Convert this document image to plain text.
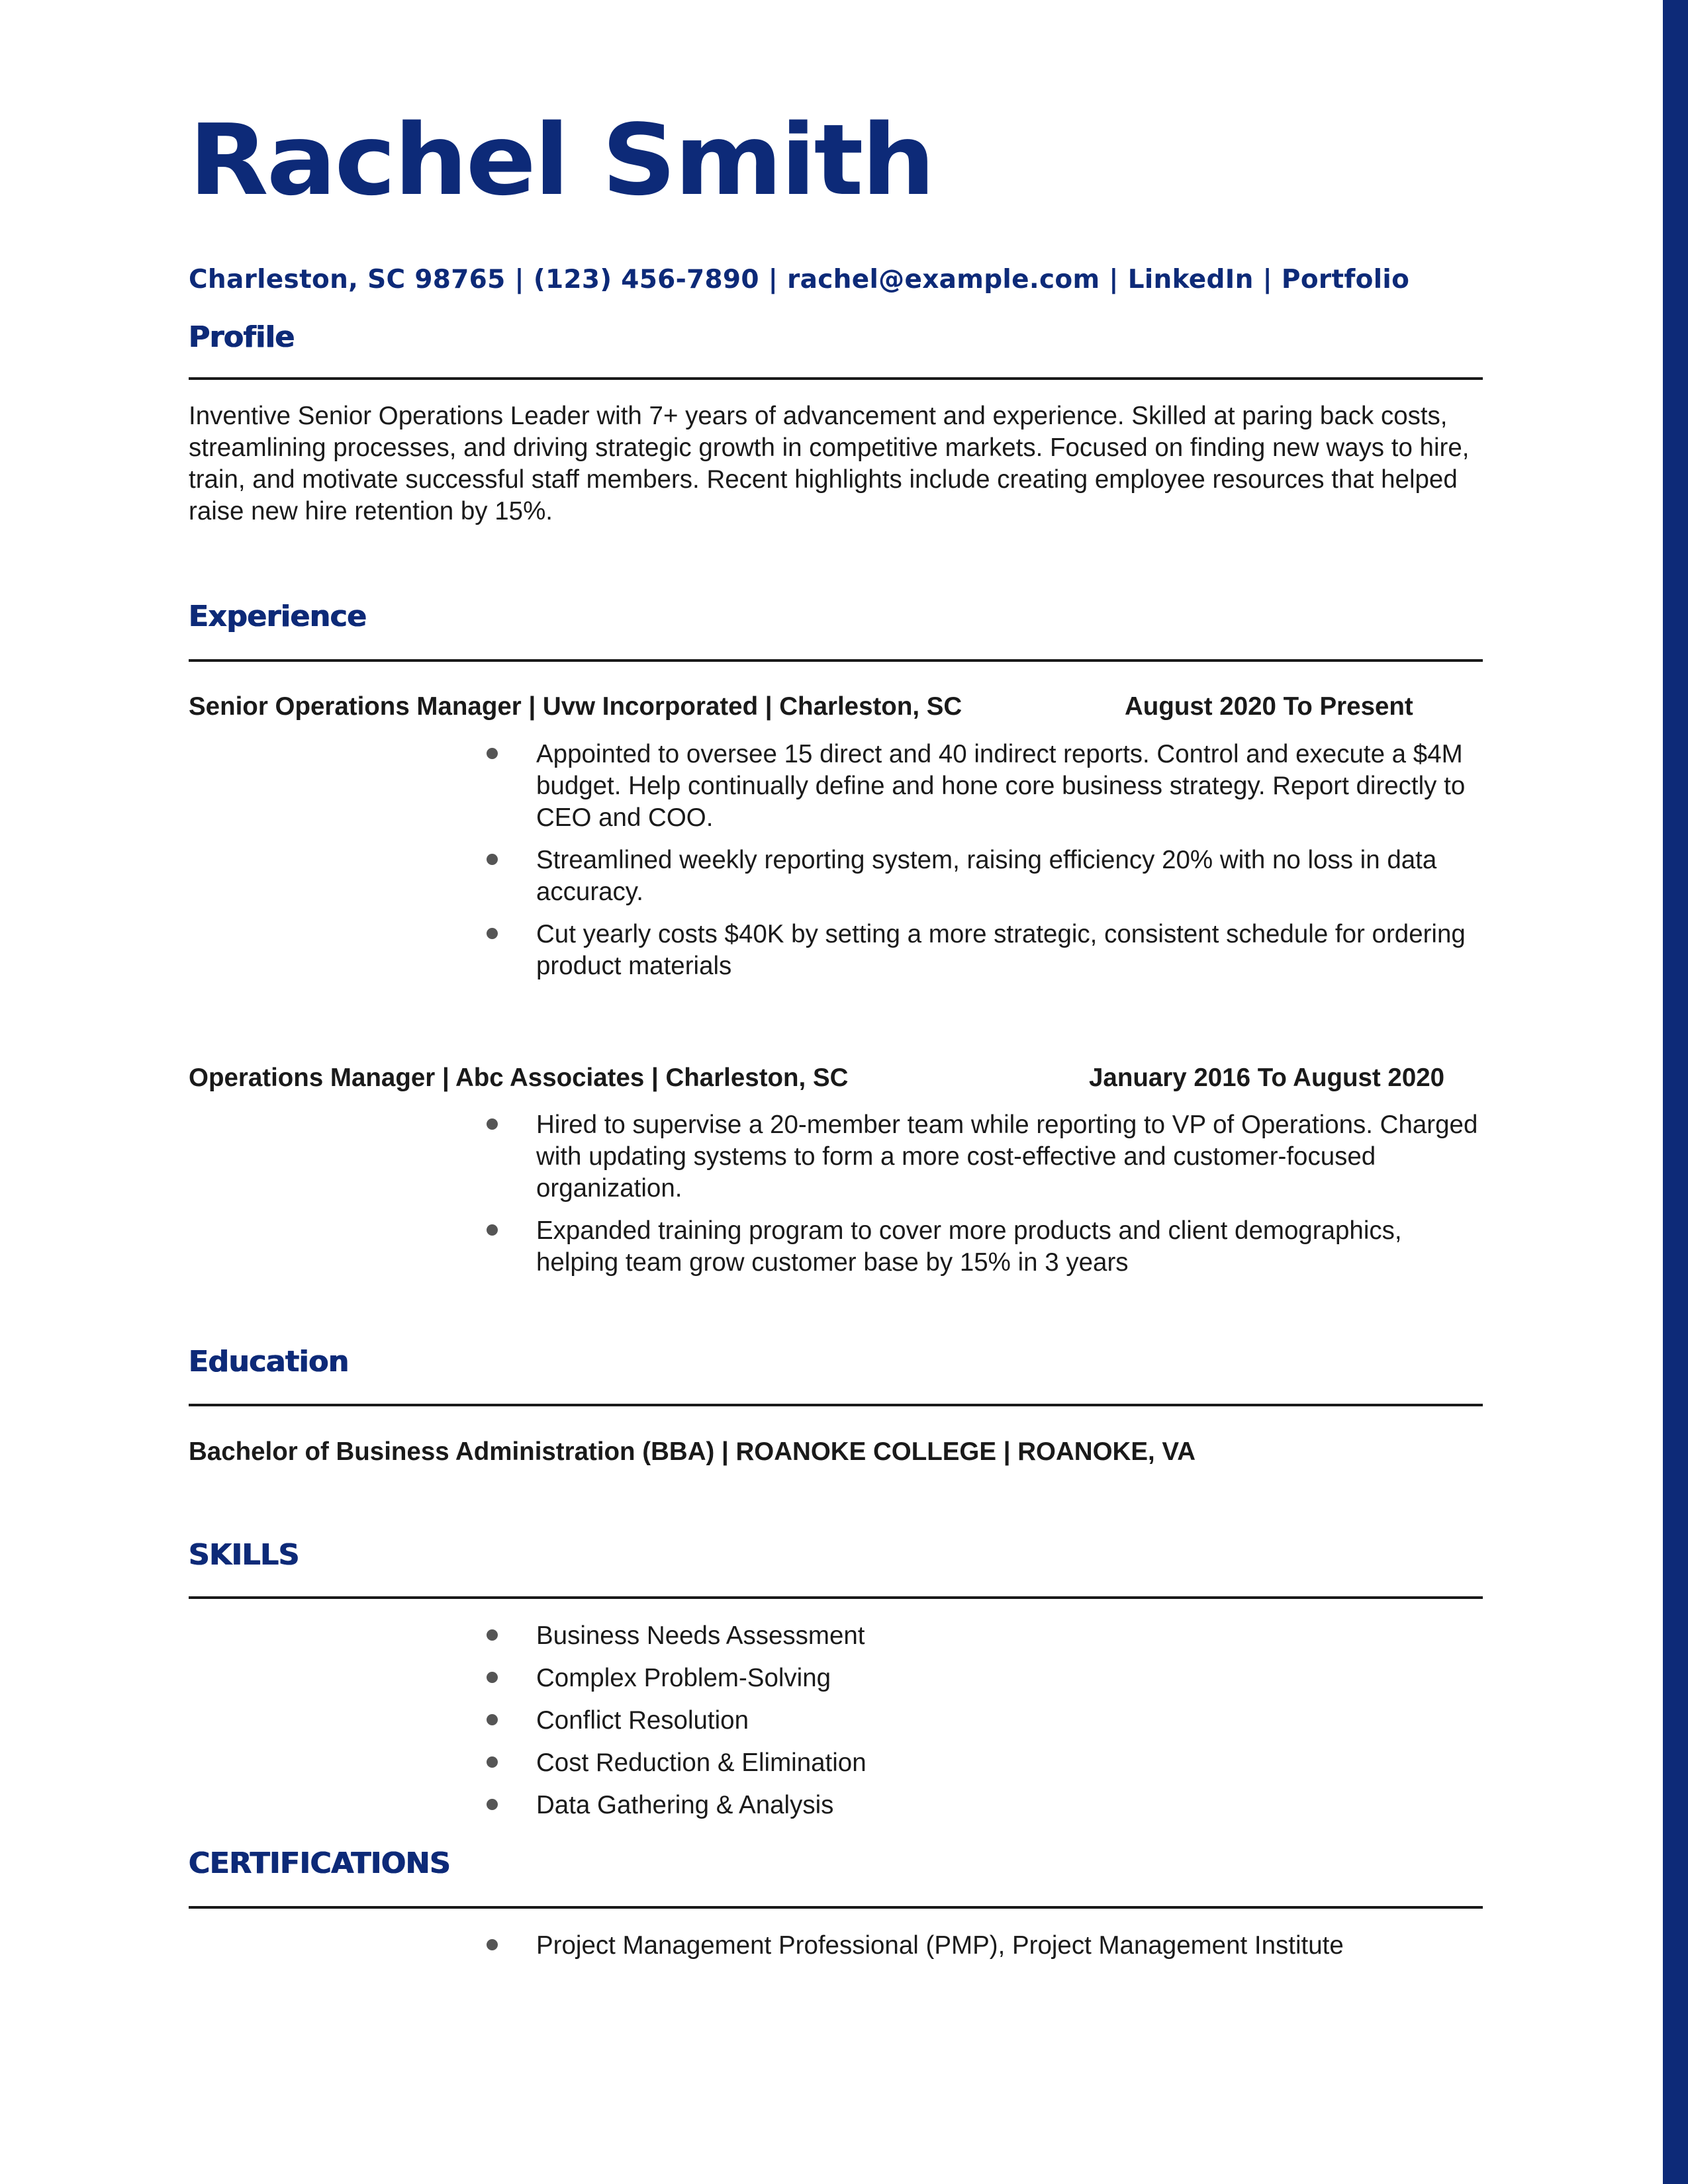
Rachel Smith

Charleston, SC 98765 | (123) 456-7890 | rachel@example.com | LinkedIn | Portfolio

Profile

Inventive Senior Operations Leader with 7+ years of advancement and experience. Skilled at paring back costs, streamlining processes, and driving strategic growth in competitive markets. Focused on finding new ways to hire, train, and motivate successful staff members. Recent highlights include creating employee resources that helped raise new hire retention by 15%.

Experience

Senior Operations Manager | Uvw Incorporated | Charleston, SC	August 2020 To Present

Appointed to oversee 15 direct and 40 indirect reports. Control and execute a $4M budget. Help continually define and hone core business strategy. Report directly to CEO and COO.
Streamlined weekly reporting system, raising efficiency 20% with no loss in data accuracy.
Cut yearly costs $40K by setting a more strategic, consistent schedule for ordering product materials

Operations Manager | Abc Associates | Charleston, SC	January 2016 To August 2020

Hired to supervise a 20-member team while reporting to VP of Operations. Charged with updating systems to form a more cost-effective and customer-focused organization.
Expanded training program to cover more products and client demographics, helping team grow customer base by 15% in 3 years
Education

Bachelor of Business Administration (BBA) | ROANOKE COLLEGE | ROANOKE, VA

SKILLS
Business Needs Assessment
Complex Problem-Solving
Conflict Resolution
Cost Reduction & Elimination
Data Gathering & Analysis
CERTIFICATIONS
Project Management Professional (PMP), Project Management Institute
